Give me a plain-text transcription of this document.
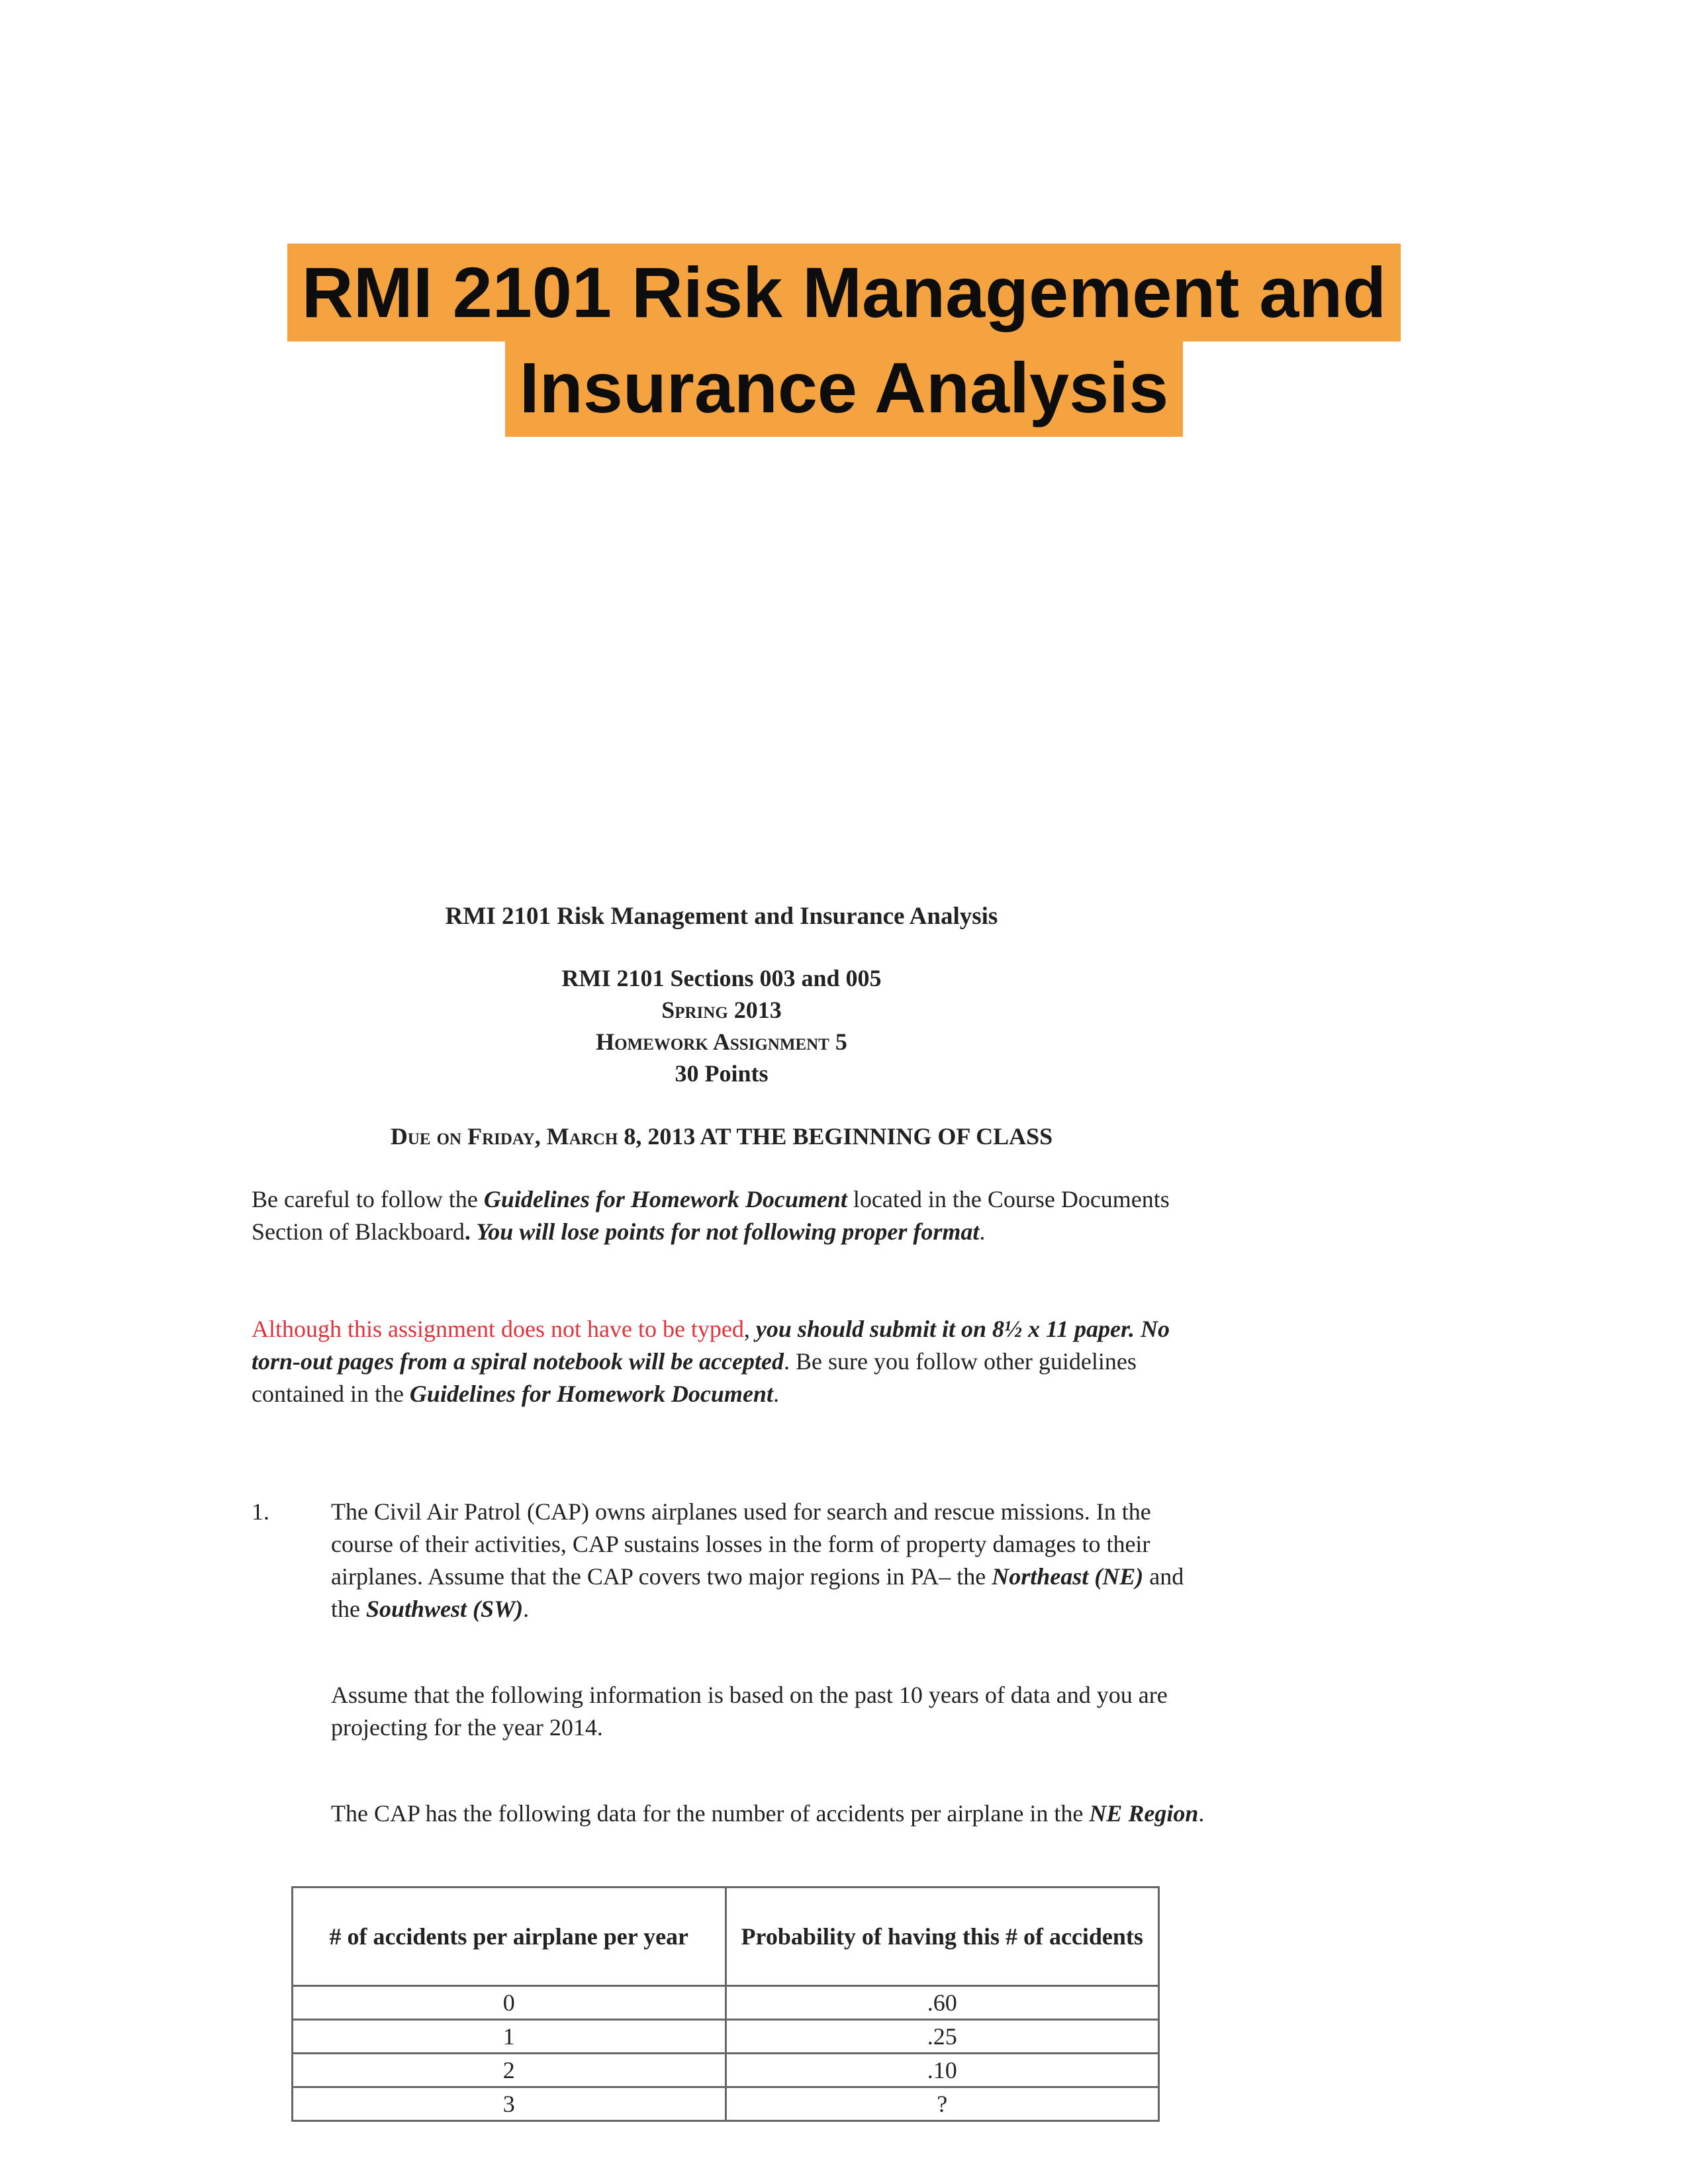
RMI 2101 Risk Management and
Insurance Analysis
RMI 2101 Risk Management and Insurance Analysis
RMI 2101 Sections 003 and 005
Spring 2013
Homework Assignment 5
30 Points
Due on Friday, March 8, 2013 AT THE BEGINNING OF CLASS
Be careful to follow the Guidelines for Homework Document located in the Course Documents Section of Blackboard. You will lose points for not following proper format.
Although this assignment does not have to be typed, you should submit it on 8½ x 11 paper. No torn-out pages from a spiral notebook will be accepted. Be sure you follow other guidelines contained in the Guidelines for Homework Document.
1.	The Civil Air Patrol (CAP) owns airplanes used for search and rescue missions. In the course of their activities, CAP sustains losses in the form of property damages to their airplanes. Assume that the CAP covers two major regions in PA– the Northeast (NE) and the Southwest (SW).

Assume that the following information is based on the past 10 years of data and you are projecting for the year 2014.

The CAP has the following data for the number of accidents per airplane in the NE Region.

# of accidents per airplane per year	Probability of having this # of accidents
0	.60
1	.25
2	.10
3	?
